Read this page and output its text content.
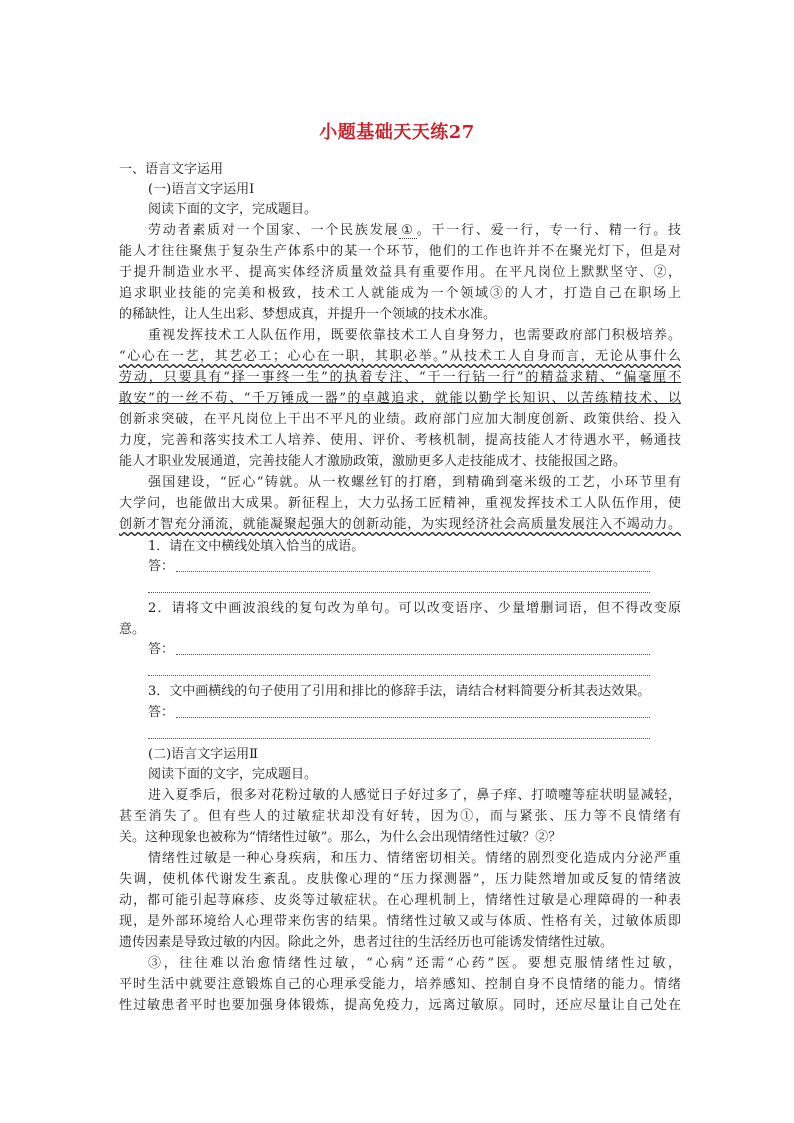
小题基础天天练27
一、语言文字运用
(一)语言文字运用Ⅰ
阅读下面的文字，完成题目。
劳动者素质对一个国家、一个民族发展 ① 。干一行、爱一行，专一行、精一行。技
能人才往往聚焦于复杂生产体系中的某一个环节，他们的工作也许并不在聚光灯下，但是对
于提升制造业水平、提高实体经济质量效益具有重要作用。在平凡岗位上默默坚守、②，
追求职业技能的完美和极致，技术工人就能成为一个领域③的人才，打造自己在职场上
的稀缺性，让人生出彩、梦想成真，并提升一个领域的技术水准。
重视发挥技术工人队伍作用，既要依靠技术工人自身努力，也需要政府部门积极培养。
“心心在一艺，其艺必工；心心在一职，其职必举。”从技术工人自身而言，无论从事什么
劳动，只要具有“择一事终一生”的执着专注、“干一行钻一行”的精益求精、“偏毫厘不
敢安”的一丝不苟、“千万锤成一器”的卓越追求，就能以勤学长知识、以苦练精技术、以
创新求突破，在平凡岗位上干出不平凡的业绩。政府部门应加大制度创新、政策供给、投入
力度，完善和落实技术工人培养、使用、评价、考核机制，提高技能人才待遇水平，畅通技
能人才职业发展通道，完善技能人才激励政策，激励更多人走技能成才、技能报国之路。
强国建设，“匠心”铸就。从一枚螺丝钉的打磨，到精确到毫米级的工艺，小环节里有
大学问，也能做出大成果。新征程上，大力弘扬工匠精神，重视发挥技术工人队伍作用，使
创新才智充分涌流，就能凝聚起强大的创新动能，为实现经济社会高质量发展注入不竭动力。
1．请在文中横线处填入恰当的成语。
答：
2．请将文中画波浪线的复句改为单句。可以改变语序、少量增删词语，但不得改变原
意。
答：
3．文中画横线的句子使用了引用和排比的修辞手法，请结合材料简要分析其表达效果。
答：
(二)语言文字运用Ⅱ
阅读下面的文字，完成题目。
进入夏季后，很多对花粉过敏的人感觉日子好过多了，鼻子痒、打喷嚏等症状明显减轻，
甚至消失了。但有些人的过敏症状却没有好转，因为①，而与紧张、压力等不良情绪有
关。这种现象也被称为“情绪性过敏”。那么，为什么会出现情绪性过敏？②？
情绪性过敏是一种心身疾病，和压力、情绪密切相关。情绪的剧烈变化造成内分泌严重
失调，使机体代谢发生紊乱。皮肤像心理的“压力探测器”，压力陡然增加或反复的情绪波
动，都可能引起荨麻疹、皮炎等过敏症状。在心理机制上，情绪性过敏是心理障碍的一种表
现，是外部环境给人心理带来伤害的结果。情绪性过敏又或与体质、性格有关，过敏体质即
遗传因素是导致过敏的内因。除此之外，患者过往的生活经历也可能诱发情绪性过敏。
③，往往难以治愈情绪性过敏，“心病”还需“心药”医。要想克服情绪性过敏，
平时生活中就要注意锻炼自己的心理承受能力，培养感知、控制自身不良情绪的能力。情绪
性过敏患者平时也要加强身体锻炼，提高免疫力，远离过敏原。同时，还应尽量让自己处在
